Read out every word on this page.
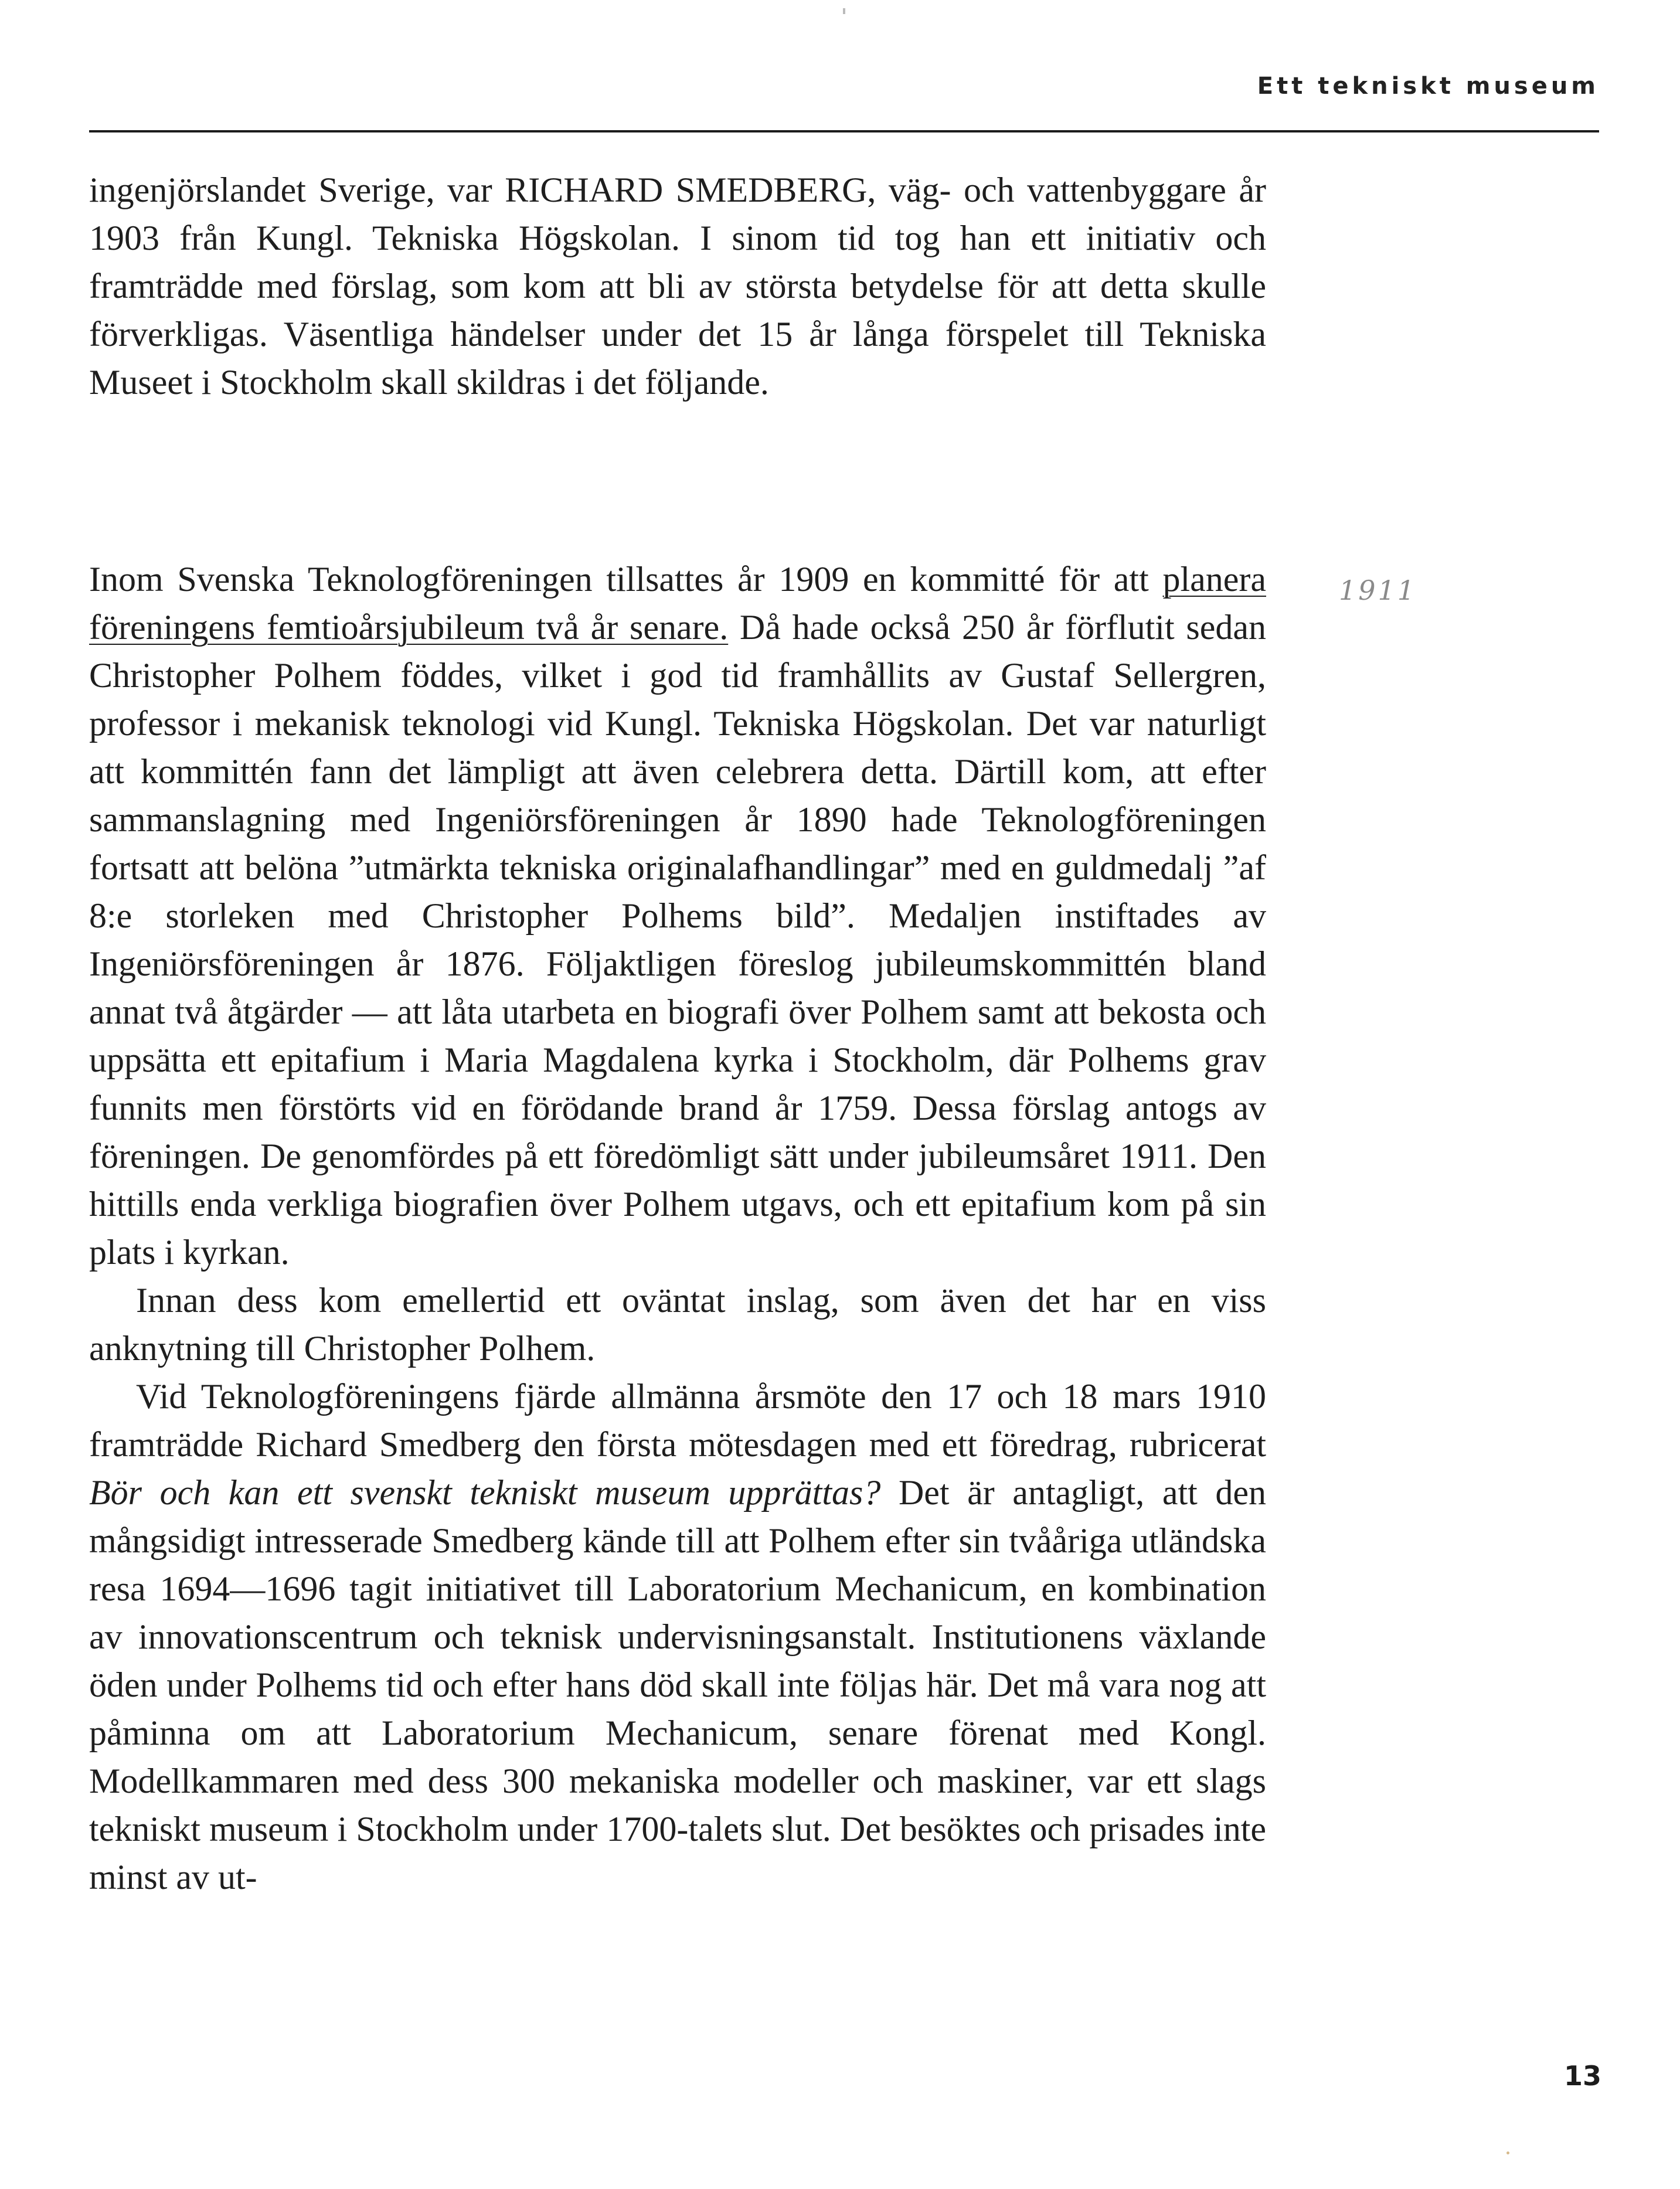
Ett tekniskt museum

ingenjörslandet Sverige, var RICHARD SMEDBERG, väg- och vattenbyggare år 1903 från Kungl. Tekniska Högskolan. I sinom tid tog han ett initiativ och framträdde med förslag, som kom att bli av största betydelse för att detta skulle förverkligas. Väsentliga händelser under det 15 år långa förspelet till Tekniska Museet i Stockholm skall skildras i det följande.

Inom Svenska Teknologföreningen tillsattes år 1909 en kommitté för att planera föreningens femtioårsjubileum två år senare. Då hade också 250 år förflutit sedan Christopher Polhem föddes, vilket i god tid framhållits av Gustaf Sellergren, professor i mekanisk teknologi vid Kungl. Tekniska Högskolan. Det var naturligt att kommittén fann det lämpligt att även celebrera detta. Därtill kom, att efter sammanslagning med Ingeniörsföreningen år 1890 hade Teknologföreningen fortsatt att belöna ”utmärkta tekniska originalafhandlingar” med en guldmedalj ”af 8:e storleken med Christopher Polhems bild”. Medaljen instiftades av Ingeniörsföreningen år 1876. Följaktligen föreslog jubileumskommittén bland annat två åtgärder — att låta utarbeta en biografi över Polhem samt att bekosta och uppsätta ett epitafium i Maria Magdalena kyrka i Stockholm, där Polhems grav funnits men förstörts vid en förödande brand år 1759. Dessa förslag antogs av föreningen. De genomfördes på ett föredömligt sätt under jubileumsåret 1911. Den hittills enda verkliga biografien över Polhem utgavs, och ett epitafium kom på sin plats i kyrkan.

Innan dess kom emellertid ett oväntat inslag, som även det har en viss anknytning till Christopher Polhem.

Vid Teknologföreningens fjärde allmänna årsmöte den 17 och 18 mars 1910 framträdde Richard Smedberg den första mötesdagen med ett föredrag, rubricerat Bör och kan ett svenskt tekniskt museum upprättas? Det är antagligt, att den mångsidigt intresserade Smedberg kände till att Polhem efter sin tvååriga utländska resa 1694—1696 tagit initiativet till Laboratorium Mechanicum, en kombination av innovationscentrum och teknisk undervisningsanstalt. Institutionens växlande öden under Polhems tid och efter hans död skall inte följas här. Det må vara nog att påminna om att Laboratorium Mechanicum, senare förenat med Kongl. Modellkammaren med dess 300 mekaniska modeller och maskiner, var ett slags tekniskt museum i Stockholm under 1700-talets slut. Det besöktes och prisades inte minst av ut-

1911
13
